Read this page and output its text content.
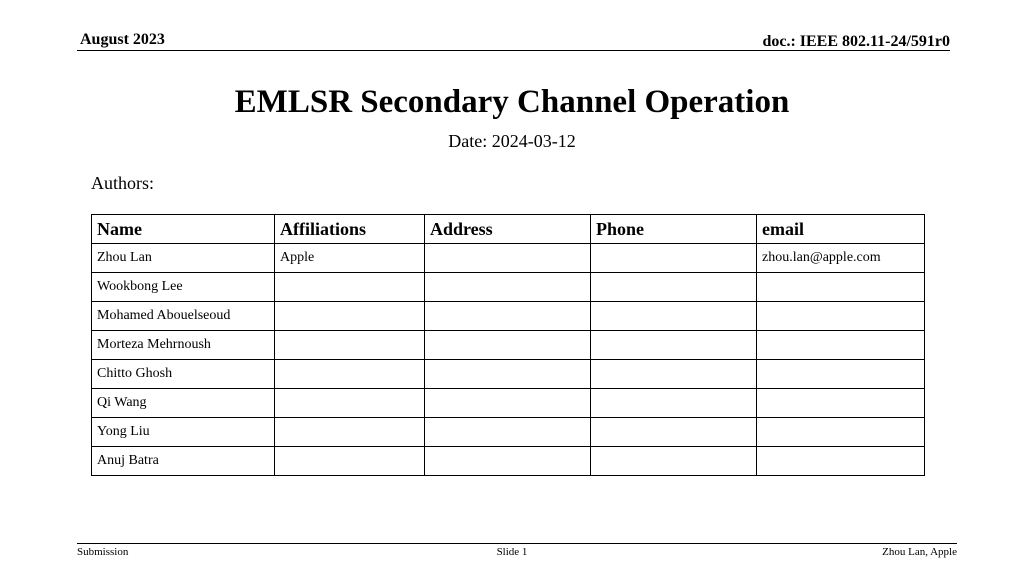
August 2023	doc.: IEEE 802.11-24/591r0
EMLSR Secondary Channel Operation
Date: 2024-03-12
Authors:
Name	Affiliations	Address	Phone	email
Zhou Lan	Apple			zhou.lan@apple.com
Wookbong Lee				
Mohamed Abouelseoud				
Morteza Mehrnoush				
Chitto Ghosh				
Qi Wang				
Yong Liu				
Anuj Batra				
Submission	Slide 1	Zhou Lan, Apple
